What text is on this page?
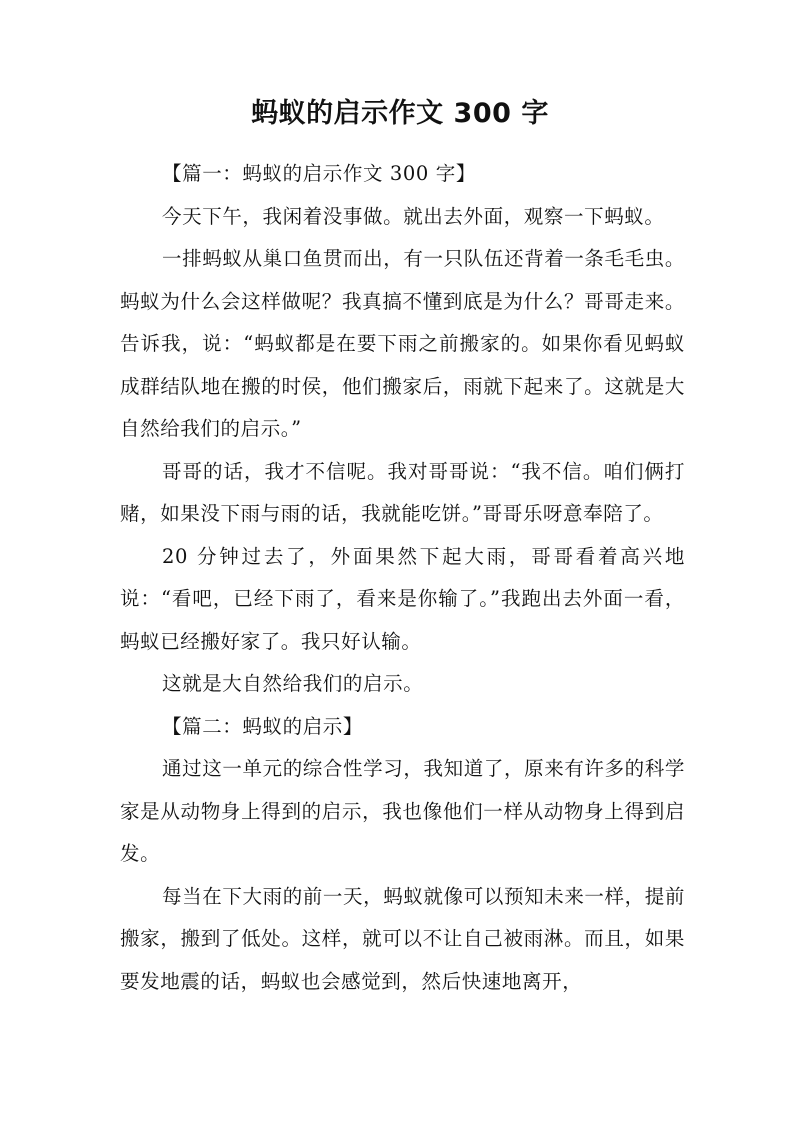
蚂蚁的启示作文 300 字

【篇一：蚂蚁的启示作文 300 字】

今天下午，我闲着没事做。就出去外面，观察一下蚂蚁。

一排蚂蚁从巢口鱼贯而出，有一只队伍还背着一条毛毛虫。蚂蚁为什么会这样做呢？我真搞不懂到底是为什么？哥哥走来。告诉我，说：“蚂蚁都是在要下雨之前搬家的。如果你看见蚂蚁成群结队地在搬的时侯，他们搬家后，雨就下起来了。这就是大自然给我们的启示。”

哥哥的话，我才不信呢。我对哥哥说：“我不信。咱们俩打赌，如果没下雨与雨的话，我就能吃饼。”哥哥乐呀意奉陪了。

20 分钟过去了，外面果然下起大雨，哥哥看着高兴地说：“看吧，已经下雨了，看来是你输了。”我跑出去外面一看，蚂蚁已经搬好家了。我只好认输。

这就是大自然给我们的启示。

【篇二：蚂蚁的启示】

通过这一单元的综合性学习，我知道了，原来有许多的科学家是从动物身上得到的启示，我也像他们一样从动物身上得到启发。

每当在下大雨的前一天，蚂蚁就像可以预知未来一样，提前搬家，搬到了低处。这样，就可以不让自己被雨淋。而且，如果要发地震的话，蚂蚁也会感觉到，然后快速地离开，
